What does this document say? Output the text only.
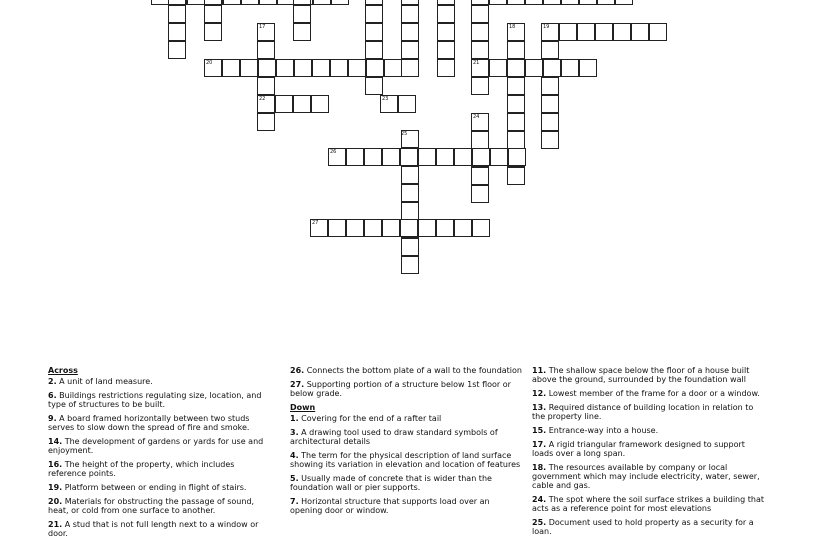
17	18	19
20	21
22	23
24
25
26
27
Across
2. A unit of land measure.
6. Buildings restrictions regulating size, location, and type of structures to be built.
9. A board framed horizontally between two studs serves to slow down the spread of fire and smoke.
14. The development of gardens or yards for use and enjoyment.
16. The height of the property, which includes reference points.
19. Platform between or ending in flight of stairs.
20. Materials for obstructing the passage of sound, heat, or cold from one surface to another.
21. A stud that is not full length next to a window or door.
26. Connects the bottom plate of a wall to the foundation
27. Supporting portion of a structure below 1st floor or below grade.
Down
1. Covering for the end of a rafter tail
3. A drawing tool used to draw standard symbols of architectural details
4. The term for the physical description of land surface showing its variation in elevation and location of features
5. Usually made of concrete that is wider than the foundation wall or pier supports.
7. Horizontal structure that supports load over an opening door or window.
11. The shallow space below the floor of a house built above the ground, surrounded by the foundation wall
12. Lowest member of the frame for a door or a window.
13. Required distance of building location in relation to the property line.
15. Entrance-way into a house.
17. A rigid triangular framework designed to support loads over a long span.
18. The resources available by company or local government which may include electricity, water, sewer, cable and gas.
24. The spot where the soil surface strikes a building that acts as a reference point for most elevations
25. Document used to hold property as a security for a loan.
